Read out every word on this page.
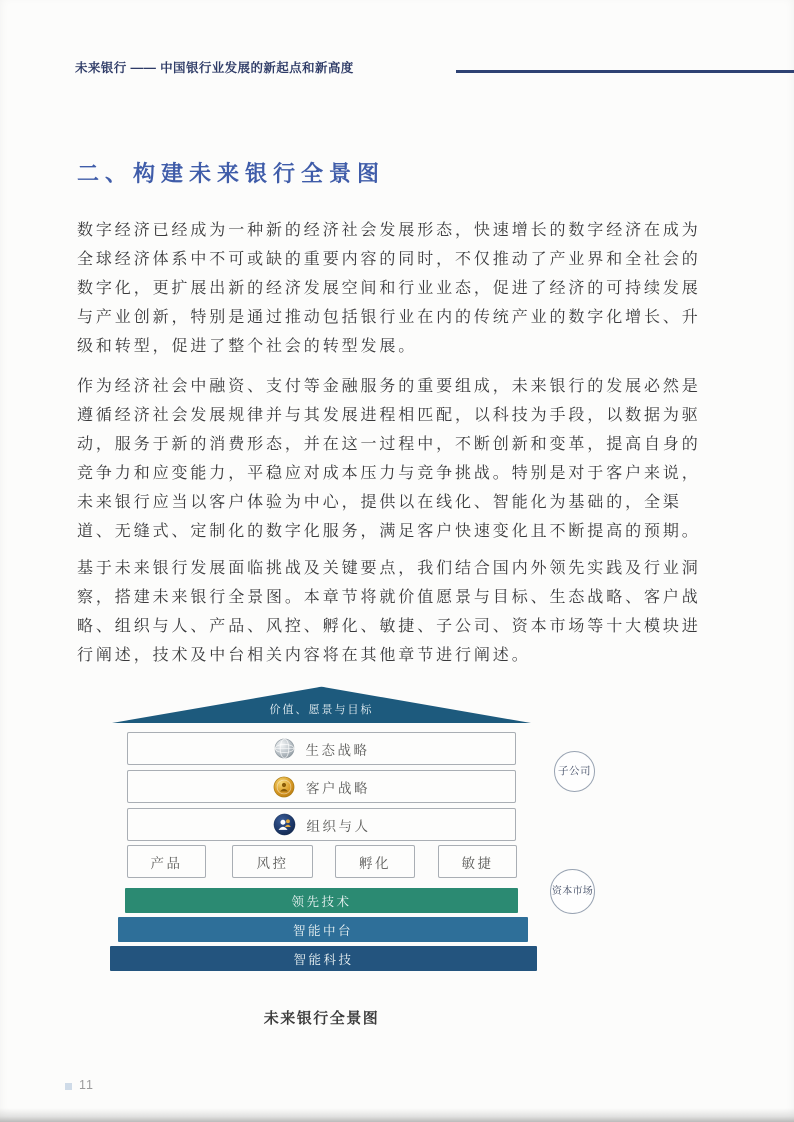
未来银行 —— 中国银行业发展的新起点和新高度
二、构建未来银行全景图
数字经济已经成为一种新的经济社会发展形态，快速增长的数字经济在成为
全球经济体系中不可或缺的重要内容的同时，不仅推动了产业界和全社会的
数字化，更扩展出新的经济发展空间和行业业态，促进了经济的可持续发展
与产业创新，特别是通过推动包括银行业在内的传统产业的数字化增长、升
级和转型，促进了整个社会的转型发展。
作为经济社会中融资、支付等金融服务的重要组成，未来银行的发展必然是
遵循经济社会发展规律并与其发展进程相匹配，以科技为手段，以数据为驱
动，服务于新的消费形态，并在这一过程中，不断创新和变革，提高自身的
竞争力和应变能力，平稳应对成本压力与竞争挑战。特别是对于客户来说，
未来银行应当以客户体验为中心，提供以在线化、智能化为基础的，全渠
道、无缝式、定制化的数字化服务，满足客户快速变化且不断提高的预期。
基于未来银行发展面临挑战及关键要点，我们结合国内外领先实践及行业洞
察，搭建未来银行全景图。本章节将就价值愿景与目标、生态战略、客户战
略、组织与人、产品、风控、孵化、敏捷、子公司、资本市场等十大模块进
行阐述，技术及中台相关内容将在其他章节进行阐述。
价值、愿景与目标
生态战略
客户战略
组织与人
产品	风控	孵化	敏捷
领先技术
智能中台
智能科技
子公司
资本市场
未来银行全景图
11
